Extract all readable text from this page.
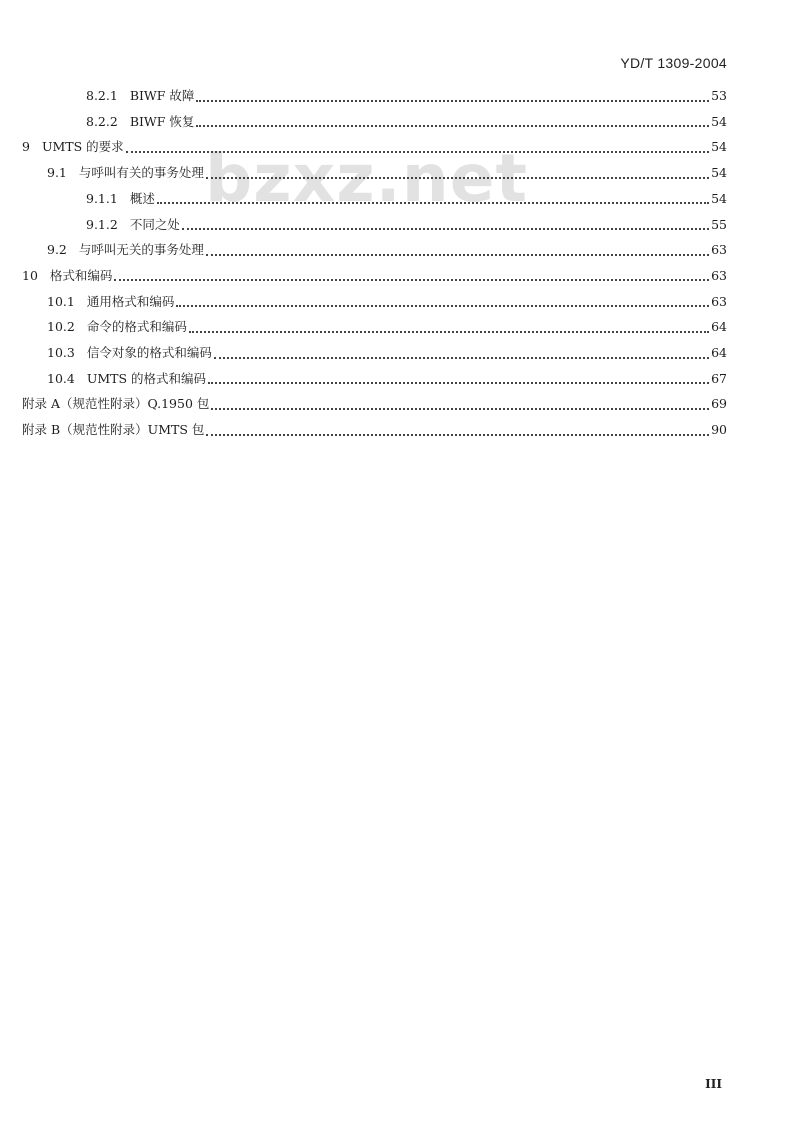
YD/T 1309-2004
bzxz.net
8.2.1 BIWF 故障	53
8.2.2 BIWF 恢复	54
9 UMTS 的要求	54
9.1 与呼叫有关的事务处理	54
9.1.1 概述	54
9.1.2 不同之处	55
9.2 与呼叫无关的事务处理	63
10 格式和编码	63
10.1 通用格式和编码	63
10.2 命令的格式和编码	64
10.3 信令对象的格式和编码	64
10.4 UMTS 的格式和编码	67
附录 A（规范性附录）Q.1950 包	69
附录 B（规范性附录）UMTS 包	90
III
